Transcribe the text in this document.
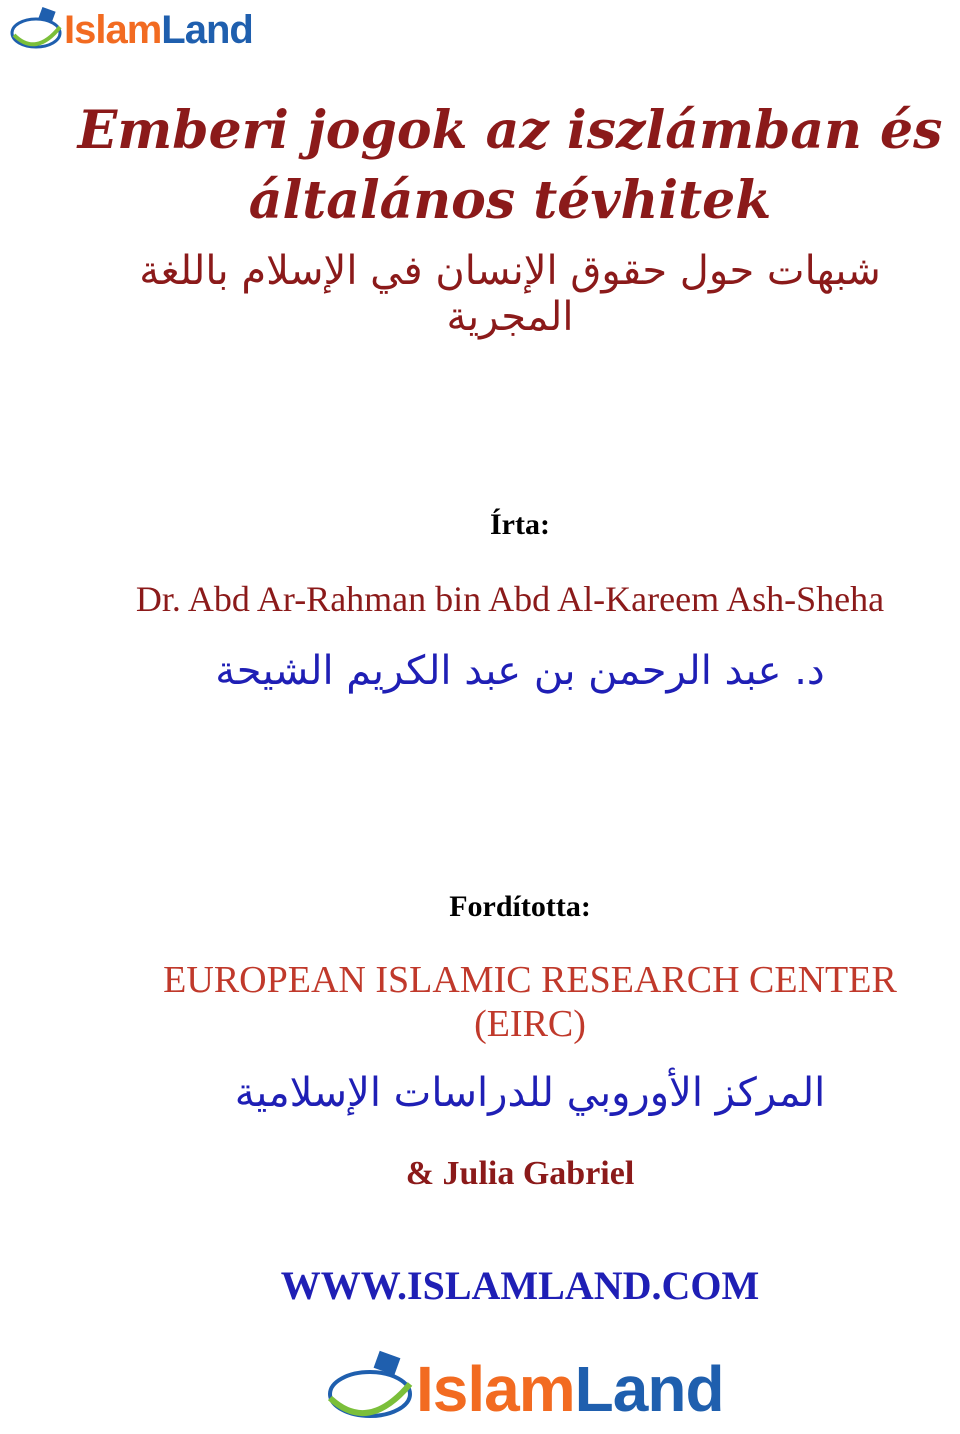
Islam Land
Emberi jogok az iszlámban és
általános tévhitek
شبهات حول حقوق الإنسان في الإسلام باللغة المجرية
Írta:
Dr. Abd Ar-Rahman bin Abd Al-Kareem Ash-Sheha
د. عبد الرحمن بن عبد الكريم الشيحة
Fordította:
EUROPEAN ISLAMIC RESEARCH CENTER
(EIRC)
المركز الأوروبي للدراسات الإسلامية
& Julia Gabriel
WWW.ISLAMLAND.COM
Islam Land
